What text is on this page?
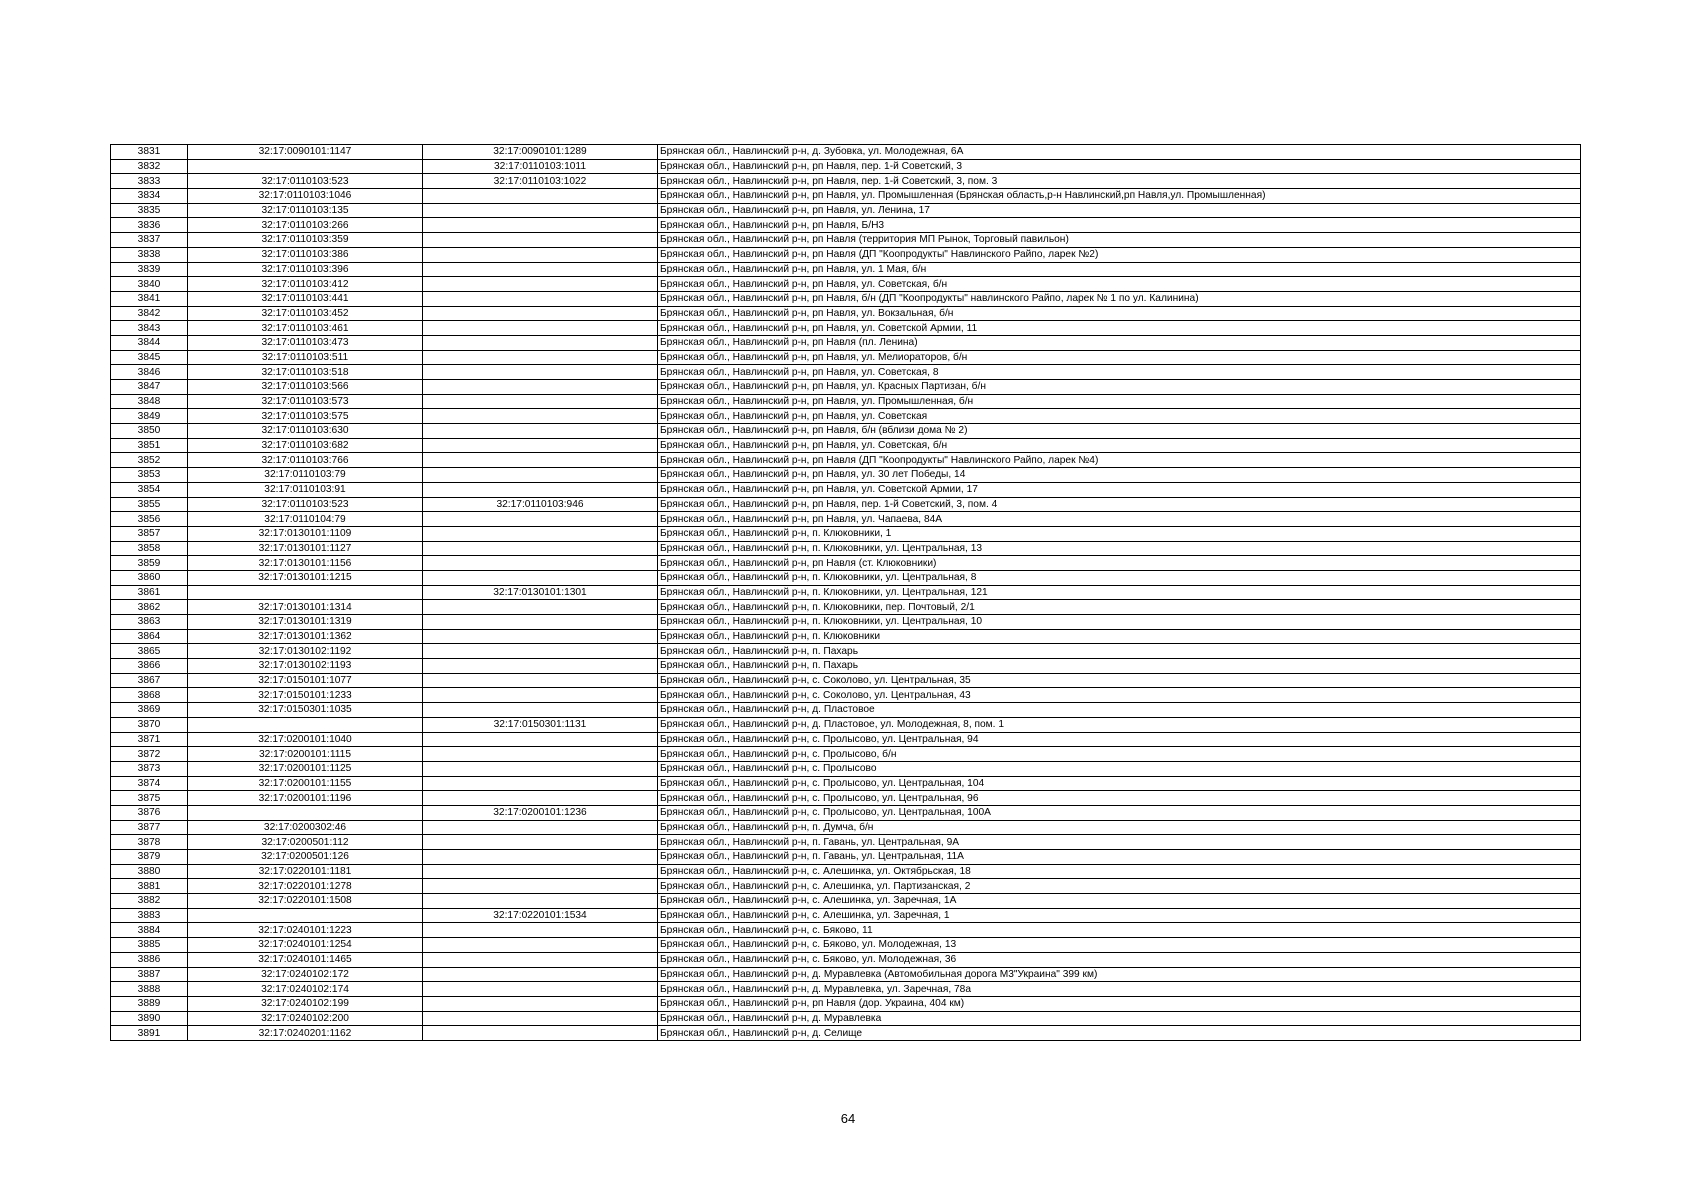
3831	32:17:0090101:1147	32:17:0090101:1289	Брянская обл., Навлинский р-н, д. Зубовка, ул. Молодежная, 6А
3832		32:17:0110103:1011	Брянская обл., Навлинский р-н, рп Навля, пер. 1-й Советский, 3
3833	32:17:0110103:523	32:17:0110103:1022	Брянская обл., Навлинский р-н, рп Навля, пер. 1-й Советский, 3, пом. 3
3834	32:17:0110103:1046		Брянская обл., Навлинский р-н, рп Навля, ул. Промышленная (Брянская область,р-н Навлинский,рп Навля,ул. Промышленная)
3835	32:17:0110103:135		Брянская обл., Навлинский р-н, рп Навля, ул. Ленина, 17
3836	32:17:0110103:266		Брянская обл., Навлинский р-н, рп Навля, Б/Н3
3837	32:17:0110103:359		Брянская обл., Навлинский р-н, рп Навля (территория МП Рынок, Торговый павильон)
3838	32:17:0110103:386		Брянская обл., Навлинский р-н, рп Навля (ДП "Коопродукты" Навлинского Райпо, ларек №2)
3839	32:17:0110103:396		Брянская обл., Навлинский р-н, рп Навля, ул. 1 Мая, б/н
3840	32:17:0110103:412		Брянская обл., Навлинский р-н, рп Навля, ул. Советская, б/н
3841	32:17:0110103:441		Брянская обл., Навлинский р-н, рп Навля, б/н (ДП "Коопродукты" навлинского Райпо, ларек № 1 по ул. Калинина)
3842	32:17:0110103:452		Брянская обл., Навлинский р-н, рп Навля, ул. Вокзальная, б/н
3843	32:17:0110103:461		Брянская обл., Навлинский р-н, рп Навля, ул. Советской Армии, 11
3844	32:17:0110103:473		Брянская обл., Навлинский р-н, рп Навля (пл. Ленина)
3845	32:17:0110103:511		Брянская обл., Навлинский р-н, рп Навля, ул. Мелиораторов, б/н
3846	32:17:0110103:518		Брянская обл., Навлинский р-н, рп Навля, ул. Советская, 8
3847	32:17:0110103:566		Брянская обл., Навлинский р-н, рп Навля, ул. Красных Партизан, б/н
3848	32:17:0110103:573		Брянская обл., Навлинский р-н, рп Навля, ул. Промышленная, б/н
3849	32:17:0110103:575		Брянская обл., Навлинский р-н, рп Навля, ул. Советская
3850	32:17:0110103:630		Брянская обл., Навлинский р-н, рп Навля, б/н (вблизи дома № 2)
3851	32:17:0110103:682		Брянская обл., Навлинский р-н, рп Навля, ул. Советская, б/н
3852	32:17:0110103:766		Брянская обл., Навлинский р-н, рп Навля (ДП "Коопродукты" Навлинского Райпо, ларек №4)
3853	32:17:0110103:79		Брянская обл., Навлинский р-н, рп Навля, ул. 30 лет Победы, 14
3854	32:17:0110103:91		Брянская обл., Навлинский р-н, рп Навля, ул. Советской Армии, 17
3855	32:17:0110103:523	32:17:0110103:946	Брянская обл., Навлинский р-н, рп Навля, пер. 1-й Советский, 3, пом. 4
3856	32:17:0110104:79		Брянская обл., Навлинский р-н, рп Навля, ул. Чапаева, 84А
3857	32:17:0130101:1109		Брянская обл., Навлинский р-н, п. Клюковники, 1
3858	32:17:0130101:1127		Брянская обл., Навлинский р-н, п. Клюковники, ул. Центральная, 13
3859	32:17:0130101:1156		Брянская обл., Навлинский р-н, рп Навля (ст. Клюковники)
3860	32:17:0130101:1215		Брянская обл., Навлинский р-н, п. Клюковники, ул. Центральная, 8
3861		32:17:0130101:1301	Брянская обл., Навлинский р-н, п. Клюковники, ул. Центральная, 121
3862	32:17:0130101:1314		Брянская обл., Навлинский р-н, п. Клюковники, пер. Почтовый, 2/1
3863	32:17:0130101:1319		Брянская обл., Навлинский р-н, п. Клюковники, ул. Центральная, 10
3864	32:17:0130101:1362		Брянская обл., Навлинский р-н, п. Клюковники
3865	32:17:0130102:1192		Брянская обл., Навлинский р-н, п. Пахарь
3866	32:17:0130102:1193		Брянская обл., Навлинский р-н, п. Пахарь
3867	32:17:0150101:1077		Брянская обл., Навлинский р-н, с. Соколово, ул. Центральная, 35
3868	32:17:0150101:1233		Брянская обл., Навлинский р-н, с. Соколово, ул. Центральная, 43
3869	32:17:0150301:1035		Брянская обл., Навлинский р-н, д. Пластовое
3870		32:17:0150301:1131	Брянская обл., Навлинский р-н, д. Пластовое, ул. Молодежная, 8, пом. 1
3871	32:17:0200101:1040		Брянская обл., Навлинский р-н, с. Пролысово, ул. Центральная, 94
3872	32:17:0200101:1115		Брянская обл., Навлинский р-н, с. Пролысово, б/н
3873	32:17:0200101:1125		Брянская обл., Навлинский р-н, с. Пролысово
3874	32:17:0200101:1155		Брянская обл., Навлинский р-н, с. Пролысово, ул. Центральная, 104
3875	32:17:0200101:1196		Брянская обл., Навлинский р-н, с. Пролысово, ул. Центральная, 96
3876		32:17:0200101:1236	Брянская обл., Навлинский р-н, с. Пролысово, ул. Центральная, 100А
3877	32:17:0200302:46		Брянская обл., Навлинский р-н, п. Думча, б/н
3878	32:17:0200501:112		Брянская обл., Навлинский р-н, п. Гавань, ул. Центральная, 9А
3879	32:17:0200501:126		Брянская обл., Навлинский р-н, п. Гавань, ул. Центральная, 11А
3880	32:17:0220101:1181		Брянская обл., Навлинский р-н, с. Алешинка, ул. Октябрьская, 18
3881	32:17:0220101:1278		Брянская обл., Навлинский р-н, с. Алешинка, ул. Партизанская, 2
3882	32:17:0220101:1508		Брянская обл., Навлинский р-н, с. Алешинка, ул. Заречная, 1А
3883		32:17:0220101:1534	Брянская обл., Навлинский р-н, с. Алешинка, ул. Заречная, 1
3884	32:17:0240101:1223		Брянская обл., Навлинский р-н, с. Бяково, 11
3885	32:17:0240101:1254		Брянская обл., Навлинский р-н, с. Бяково, ул. Молодежная, 13
3886	32:17:0240101:1465		Брянская обл., Навлинский р-н, с. Бяково, ул. Молодежная, 36
3887	32:17:0240102:172		Брянская обл., Навлинский р-н, д. Муравлевка (Автомобильная дорога М3"Украина" 399 км)
3888	32:17:0240102:174		Брянская обл., Навлинский р-н, д. Муравлевка, ул. Заречная, 78а
3889	32:17:0240102:199		Брянская обл., Навлинский р-н, рп Навля (дор. Украина, 404 км)
3890	32:17:0240102:200		Брянская обл., Навлинский р-н, д. Муравлевка
3891	32:17:0240201:1162		Брянская обл., Навлинский р-н, д. Селище
64
